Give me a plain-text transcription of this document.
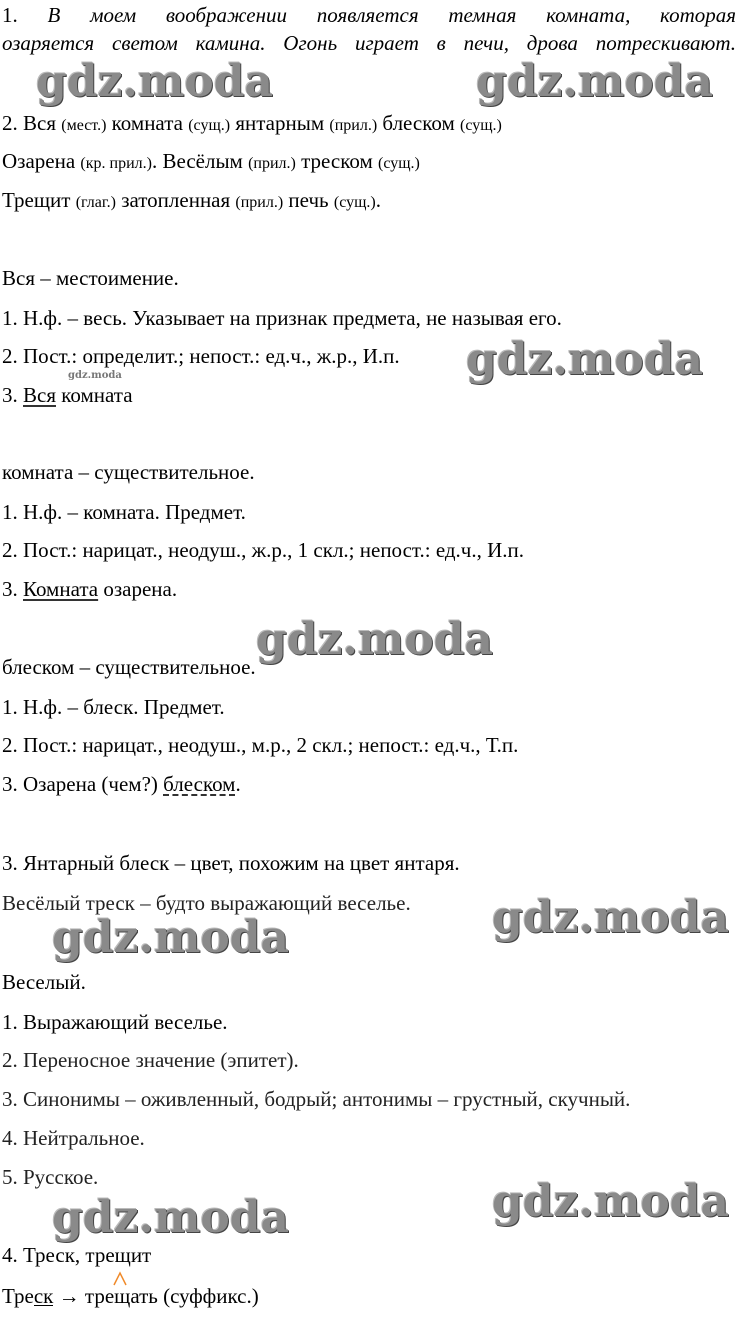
1. В моем воображении появляется темная комната, которая
озаряется светом камина. Огонь играет в печи, дрова потрескивают.
gdz.moda	gdz.moda
2. Вся (мест.) комната (сущ.) янтарным (прил.) блеском (сущ.)
Озарена (кр. прил.). Весёлым (прил.) треском (сущ.)
Трещит (глаг.) затопленная (прил.) печь (сущ.).
Вся – местоимение.
1. Н.ф. – весь. Указывает на признак предмета, не называя его.
2. Пост.: определит.; непост.: ед.ч., ж.р., И.п. gdz.moda
gdz.moda
3. Вся комната
комната – существительное.
1. Н.ф. – комната. Предмет.
2. Пост.: нарицат., неодуш., ж.р., 1 скл.; непост.: ед.ч., И.п.
3. Комната озарена.
gdz.moda
блеском – существительное.
1. Н.ф. – блеск. Предмет.
2. Пост.: нарицат., неодуш., м.р., 2 скл.; непост.: ед.ч., Т.п.
3. Озарена (чем?) блеском.
3. Янтарный блеск – цвет, похожим на цвет янтаря.
Весёлый треск – будто выражающий веселье. gdz.moda
gdz.moda
Веселый.
1. Выражающий веселье.
2. Переносное значение (эпитет).
3. Синонимы – оживленный, бодрый; антонимы – грустный, скучный.
4. Нейтральное.
5. Русское.	gdz.moda
gdz.moda
4. Треск, трещит
Треск
→ тре
щать (суффикс.)
